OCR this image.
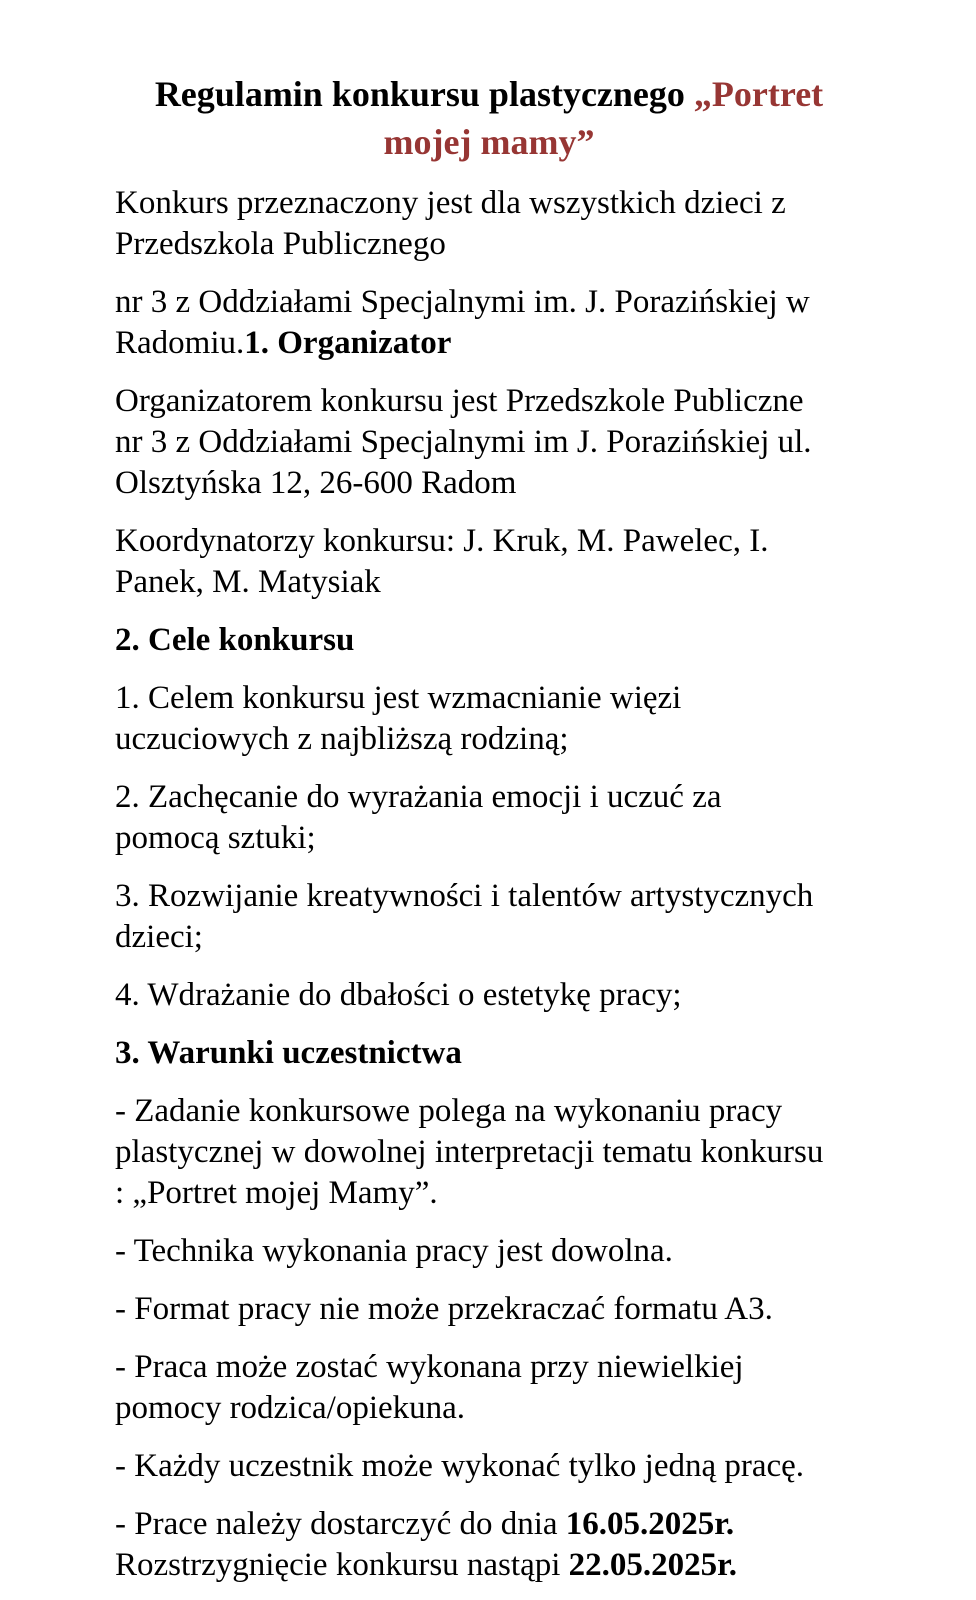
Regulamin konkursu plastycznego „Portret
mojej mamy”
Konkurs przeznaczony jest dla wszystkich dzieci z
Przedszkola Publicznego
nr 3 z Oddziałami Specjalnymi im. J. Porazińskiej w
Radomiu.1. Organizator
Organizatorem konkursu jest Przedszkole Publiczne
nr 3 z Oddziałami Specjalnymi im J. Porazińskiej ul.
Olsztyńska 12, 26-600 Radom
Koordynatorzy konkursu: J. Kruk, M. Pawelec, I.
Panek, M. Matysiak
2. Cele konkursu
1. Celem konkursu jest wzmacnianie więzi
uczuciowych z najbliższą rodziną;
2. Zachęcanie do wyrażania emocji i uczuć za
pomocą sztuki;
3. Rozwijanie kreatywności i talentów artystycznych
dzieci;
4. Wdrażanie do dbałości o estetykę pracy;
3. Warunki uczestnictwa
- Zadanie konkursowe polega na wykonaniu pracy
plastycznej w dowolnej interpretacji tematu konkursu
: „Portret mojej Mamy”.
- Technika wykonania pracy jest dowolna.
- Format pracy nie może przekraczać formatu A3.
- Praca może zostać wykonana przy niewielkiej
pomocy rodzica/opiekuna.
- Każdy uczestnik może wykonać tylko jedną pracę.
- Prace należy dostarczyć do dnia 16.05.2025r.
Rozstrzygnięcie konkursu nastąpi 22.05.2025r.
